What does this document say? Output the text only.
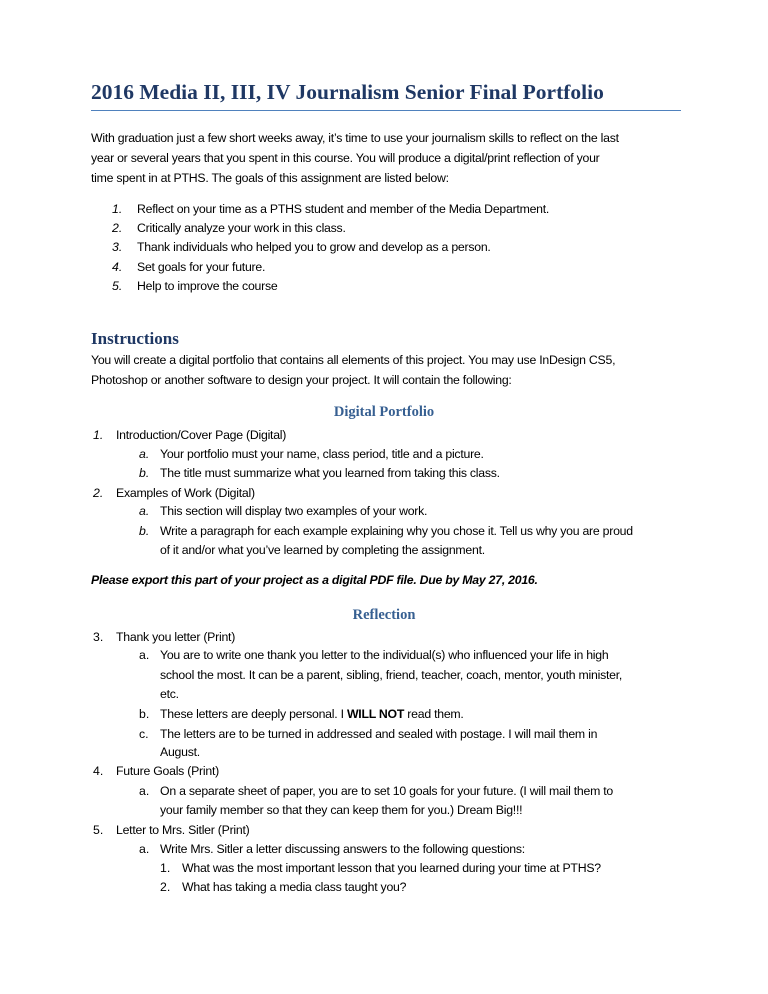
2016 Media II, III, IV Journalism Senior Final Portfolio
With graduation just a few short weeks away, it’s time to use your journalism skills to reflect on the last
year or several years that you spent in this course. You will produce a digital/print reflection of your
time spent in at PTHS. The goals of this assignment are listed below:
1. Reflect on your time as a PTHS student and member of the Media Department.
2. Critically analyze your work in this class.
3. Thank individuals who helped you to grow and develop as a person.
4. Set goals for your future.
5. Help to improve the course
Instructions
You will create a digital portfolio that contains all elements of this project. You may use InDesign CS5,
Photoshop or another software to design your project. It will contain the following:
Digital Portfolio
1. Introduction/Cover Page (Digital)
a. Your portfolio must your name, class period, title and a picture.
b. The title must summarize what you learned from taking this class.
2. Examples of Work (Digital)
a. This section will display two examples of your work.
b. Write a paragraph for each example explaining why you chose it. Tell us why you are proud
of it and/or what you’ve learned by completing the assignment.
Please export this part of your project as a digital PDF file. Due by May 27, 2016.
Reflection
3. Thank you letter (Print)
a. You are to write one thank you letter to the individual(s) who influenced your life in high
school the most. It can be a parent, sibling, friend, teacher, coach, mentor, youth minister,
etc.
b. These letters are deeply personal. I WILL NOT read them.
c. The letters are to be turned in addressed and sealed with postage. I will mail them in
August.
4. Future Goals (Print)
a. On a separate sheet of paper, you are to set 10 goals for your future. (I will mail them to
your family member so that they can keep them for you.) Dream Big!!!
5. Letter to Mrs. Sitler (Print)
a. Write Mrs. Sitler a letter discussing answers to the following questions:
1. What was the most important lesson that you learned during your time at PTHS?
2. What has taking a media class taught you?
